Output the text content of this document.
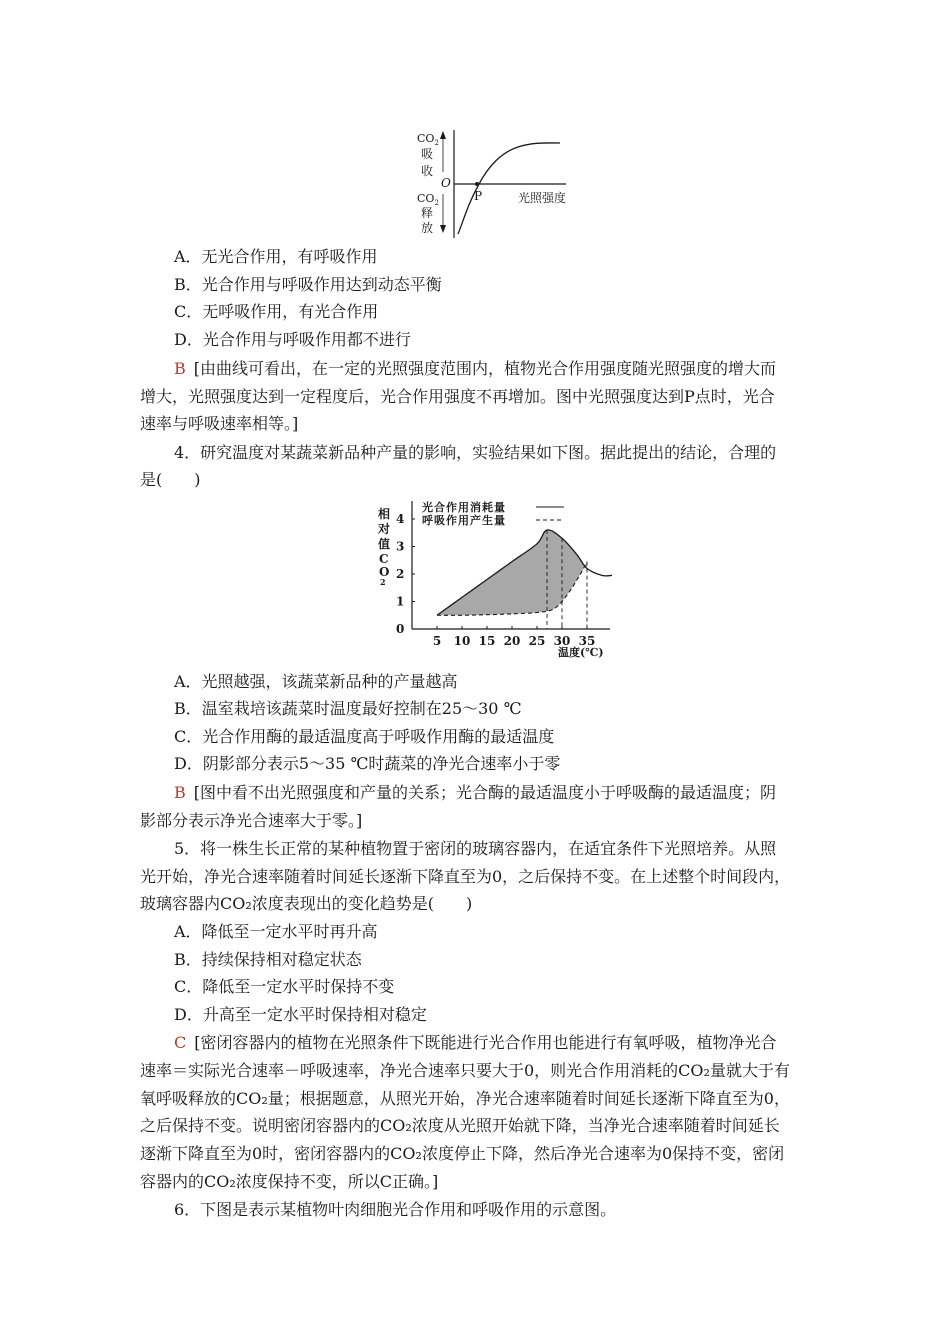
$CO_2$
吸
收
$CO_2$
释
放
O
P	光照强度
A．无光合作用，有呼吸作用
B．光合作用与呼吸作用达到动态平衡
C．无呼吸作用，有光合作用
D．光合作用与呼吸作用都不进行
B  [由曲线可看出，在一定的光照强度范围内，植物光合作用强度随光照强度的增大而
增大，光照强度达到一定程度后，光合作用强度不再增加。图中光照强度达到P点时，光合
速率与呼吸速率相等。]
4．研究温度对某蔬菜新品种产量的影响，实验结果如下图。据此提出的结论，合理的
是(　　)
相
对
值
C
O
2
光合作用消耗量
呼吸作用产生量
0
1
2
3
4
5 10 15 20 25 30 35
温度(℃)
A．光照越强，该蔬菜新品种的产量越高
B．温室栽培该蔬菜时温度最好控制在25～30 ℃
C．光合作用酶的最适温度高于呼吸作用酶的最适温度
D．阴影部分表示5～35 ℃时蔬菜的净光合速率小于零
B  [图中看不出光照强度和产量的关系；光合酶的最适温度小于呼吸酶的最适温度；阴
影部分表示净光合速率大于零。]
5．将一株生长正常的某种植物置于密闭的玻璃容器内，在适宜条件下光照培养。从照
光开始，净光合速率随着时间延长逐渐下降直至为0，之后保持不变。在上述整个时间段内，
玻璃容器内CO₂浓度表现出的变化趋势是(　　)
A．降低至一定水平时再升高
B．持续保持相对稳定状态
C．降低至一定水平时保持不变
D．升高至一定水平时保持相对稳定
C  [密闭容器内的植物在光照条件下既能进行光合作用也能进行有氧呼吸，植物净光合
速率＝实际光合速率－呼吸速率，净光合速率只要大于0，则光合作用消耗的CO₂量就大于有
氧呼吸释放的CO₂量；根据题意，从照光开始，净光合速率随着时间延长逐渐下降直至为0，
之后保持不变。说明密闭容器内的CO₂浓度从光照开始就下降，当净光合速率随着时间延长
逐渐下降直至为0时，密闭容器内的CO₂浓度停止下降，然后净光合速率为0保持不变，密闭
容器内的CO₂浓度保持不变，所以C正确。]
6．下图是表示某植物叶肉细胞光合作用和呼吸作用的示意图。
